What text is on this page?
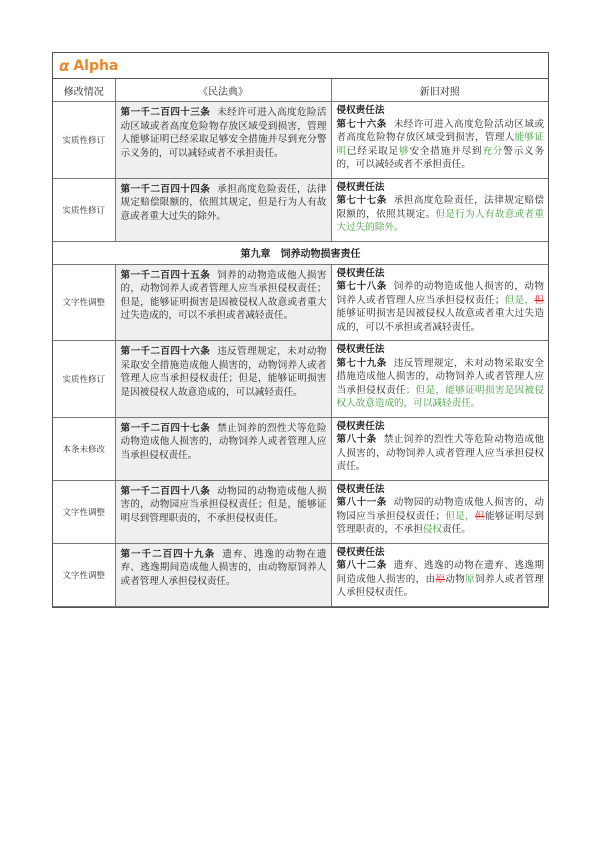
α Alpha
修改情况	《民法典》	新旧对照
实质性修订	第一千二百四十三条 未经许可进入高度危险活动区域或者高度危险物存放区域受到损害，管理人能够证明已经采取足够安全措施并尽到充分警示义务的，可以减轻或者不承担责任。	侵权责任法
第七十六条 未经许可进入高度危险活动区域或者高度危险物存放区域受到损害，管理人能够证明已经采取足够安全措施并尽到充分警示义务的，可以减轻或者不承担责任。

实质性修订	第一千二百四十四条 承担高度危险责任，法律规定赔偿限额的，依照其规定，但是行为人有故意或者重大过失的除外。	侵权责任法
第七十七条 承担高度危险责任，法律规定赔偿限额的，依照其规定。但是行为人有故意或者重大过失的除外。

第九章 饲养动物损害责任		
文字性调整	第一千二百四十五条 饲养的动物造成他人损害的，动物饲养人或者管理人应当承担侵权责任；但是，能够证明损害是因被侵权人故意或者重大过失造成的，可以不承担或者减轻责任。	侵权责任法
第七十八条 饲养的动物造成他人损害的，动物饲养人或者管理人应当承担侵权责任；但是，但能够证明损害是因被侵权人故意或者重大过失造成的，可以不承担或者减轻责任。

实质性修订	第一千二百四十六条 违反管理规定，未对动物采取安全措施造成他人损害的，动物饲养人或者管理人应当承担侵权责任；但是，能够证明损害是因被侵权人故意造成的，可以减轻责任。	侵权责任法
第七十九条 违反管理规定，未对动物采取安全措施造成他人损害的，动物饲养人或者管理人应当承担侵权责任；但是，能够证明损害是因被侵权人故意造成的，可以减轻责任。

本条未修改	第一千二百四十七条 禁止饲养的烈性犬等危险动物造成他人损害的，动物饲养人或者管理人应当承担侵权责任。	侵权责任法
第八十条 禁止饲养的烈性犬等危险动物造成他人损害的，动物饲养人或者管理人应当承担侵权责任。

文字性调整	第一千二百四十八条 动物园的动物造成他人损害的，动物园应当承担侵权责任；但是，能够证明尽到管理职责的，不承担侵权责任。	侵权责任法
第八十一条 动物园的动物造成他人损害的，动物园应当承担侵权责任；但是，但能够证明尽到管理职责的，不承担侵权责任。

文字性调整	第一千二百四十九条 遗弃、逃逸的动物在遗弃、逃逸期间造成他人损害的，由动物原饲养人或者管理人承担侵权责任。	侵权责任法
第八十二条 遗弃、逃逸的动物在遗弃、逃逸期间造成他人损害的，由原动物原饲养人或者管理人承担侵权责任。
